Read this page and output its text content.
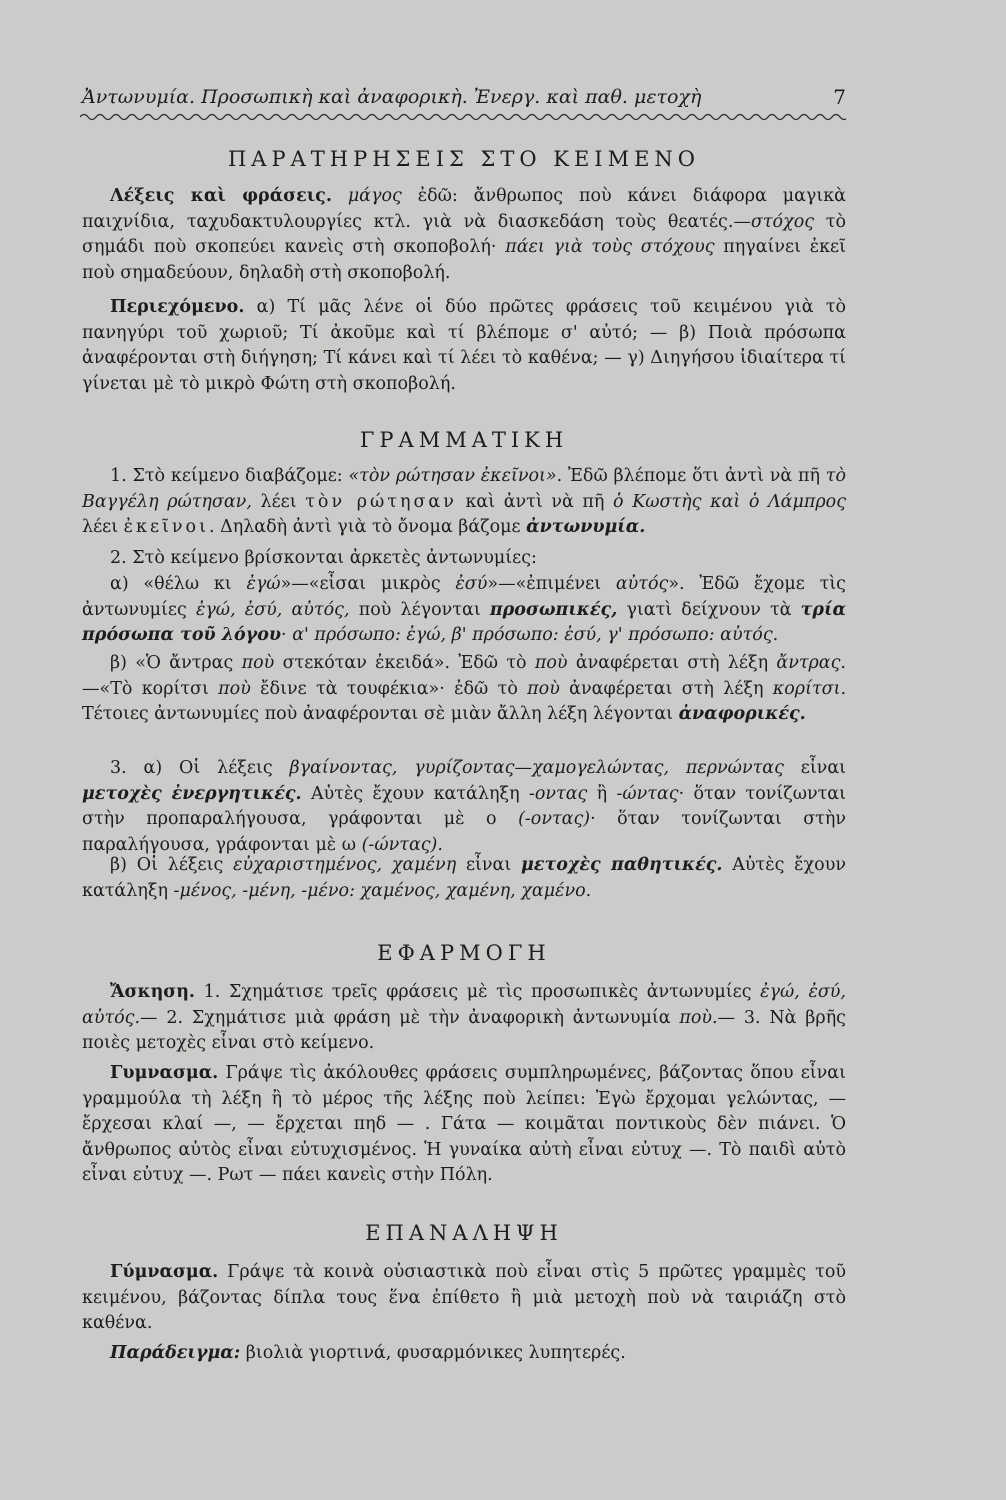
Ἀντωνυμία. Προσωπικὴ καὶ ἀναφορικὴ. Ἐνεργ. καὶ παθ. μετοχὴ	7
ΠΑΡΑΤΗΡΗΣΕΙΣ ΣΤΟ ΚΕΙΜΕΝΟ
Λέξεις καὶ φράσεις. μάγος ἐδῶ: ἄνθρωπος ποὺ κάνει διάφορα μαγικὰ παιχνίδια, ταχυδακτυλουργίες κτλ. γιὰ νὰ διασκεδάση τοὺς θεατές.—στόχος τὸ σημάδι ποὺ σκοπεύει κανεὶς στὴ σκοποβολή· πάει γιὰ τοὺς στόχους πηγαίνει ἐκεῖ ποὺ σημαδεύουν, δηλαδὴ στὴ σκοποβολή.
Περιεχόμενο. α) Τί μᾶς λένε οἱ δύο πρῶτες φράσεις τοῦ κειμένου γιὰ τὸ πανηγύρι τοῦ χωριοῦ; Τί ἀκοῦμε καὶ τί βλέπομε σ' αὐτό; — β) Ποιὰ πρόσωπα ἀναφέρονται στὴ διήγηση; Τί κάνει καὶ τί λέει τὸ καθένα; — γ) Διηγήσου ἰδιαίτερα τί γίνεται μὲ τὸ μικρὸ Φώτη στὴ σκοποβολή.
ΓΡΑΜΜΑΤΙΚΗ
1. Στὸ κείμενο διαβάζομε: «τὸν ρώτησαν ἐκεῖνοι». Ἐδῶ βλέπομε ὅτι ἀντὶ νὰ πῆ τὸ Βαγγέλη ρώτησαν, λέει τὸν ρώτησαν καὶ ἀντὶ νὰ πῆ ὁ Κωστὴς καὶ ὁ Λάμπρος λέει ἐκεῖνοι. Δηλαδὴ ἀντὶ γιὰ τὸ ὄνομα βάζομε ἀντωνυμία.
2. Στὸ κείμενο βρίσκονται ἀρκετὲς ἀντωνυμίες:
α) «θέλω κι ἐγώ»—«εἶσαι μικρὸς ἐσύ»—«ἐπιμένει αὐτός». Ἐδῶ ἔχομε τὶς ἀντωνυμίες ἐγώ, ἐσύ, αὐτός, ποὺ λέγονται προσωπικές, γιατὶ δείχνουν τὰ τρία πρόσωπα τοῦ λόγου· α' πρόσωπο: ἐγώ, β' πρόσωπο: ἐσύ, γ' πρόσωπο: αὐτός.
β) «Ὁ ἄντρας ποὺ στεκόταν ἐκειδά». Ἐδῶ τὸ ποὺ ἀναφέρεται στὴ λέξη ἄντρας.—«Τὸ κορίτσι ποὺ ἔδινε τὰ τουφέκια»· ἐδῶ τὸ ποὺ ἀναφέρεται στὴ λέξη κορίτσι. Τέτοιες ἀντωνυμίες ποὺ ἀναφέρονται σὲ μιὰν ἄλλη λέξη λέγονται ἀναφορικές.
3. α) Οἱ λέξεις βγαίνοντας, γυρίζοντας—χαμογελώντας, περνώντας εἶναι μετοχὲς ἐνεργητικές. Αὐτὲς ἔχουν κατάληξη -οντας ἢ -ώντας· ὅταν τονίζωνται στὴν προπαραλήγουσα, γράφονται μὲ ο (-οντας)· ὅταν τονίζωνται στὴν παραλήγουσα, γράφονται μὲ ω (-ώντας).
β) Οἱ λέξεις εὐχαριστημένος, χαμένη εἶναι μετοχὲς παθητικές. Αὐτὲς ἔχουν κατάληξη -μένος, -μένη, -μένο: χαμένος, χαμένη, χαμένο.
ΕΦΑΡΜΟΓΗ
Ἄσκηση. 1. Σχημάτισε τρεῖς φράσεις μὲ τὶς προσωπικὲς ἀντωνυμίες ἐγώ, ἐσύ, αὐτός.— 2. Σχημάτισε μιὰ φράση μὲ τὴν ἀναφορικὴ ἀντωνυμία ποὺ.— 3. Νὰ βρῆς ποιὲς μετοχὲς εἶναι στὸ κείμενο.
Γυμνασμα. Γράψε τὶς ἀκόλουθες φράσεις συμπληρωμένες, βάζοντας ὅπου εἶναι γραμμούλα τὴ λέξη ἢ τὸ μέρος τῆς λέξης ποὺ λείπει: Ἐγὼ ἔρχομαι γελώντας, — ἔρχεσαι κλαί —, — ἔρχεται πηδ — . Γάτα — κοιμᾶται ποντικοὺς δὲν πιάνει. Ὁ ἄνθρωπος αὐτὸς εἶναι εὐτυχισμένος. Ἡ γυναίκα αὐτὴ εἶναι εὐτυχ —. Τὸ παιδὶ αὐτὸ εἶναι εὐτυχ —. Ρωτ — πάει κανεὶς στὴν Πόλη.
ΕΠΑΝΑΛΗΨΗ
Γύμνασμα. Γράψε τὰ κοινὰ οὐσιαστικὰ ποὺ εἶναι στὶς 5 πρῶτες γραμμὲς τοῦ κειμένου, βάζοντας δίπλα τους ἕνα ἐπίθετο ἢ μιὰ μετοχὴ ποὺ νὰ ταιριάζη στὸ καθένα.
Παράδειγμα: βιολιὰ γιορτινά, φυσαρμόνικες λυπητερές.
